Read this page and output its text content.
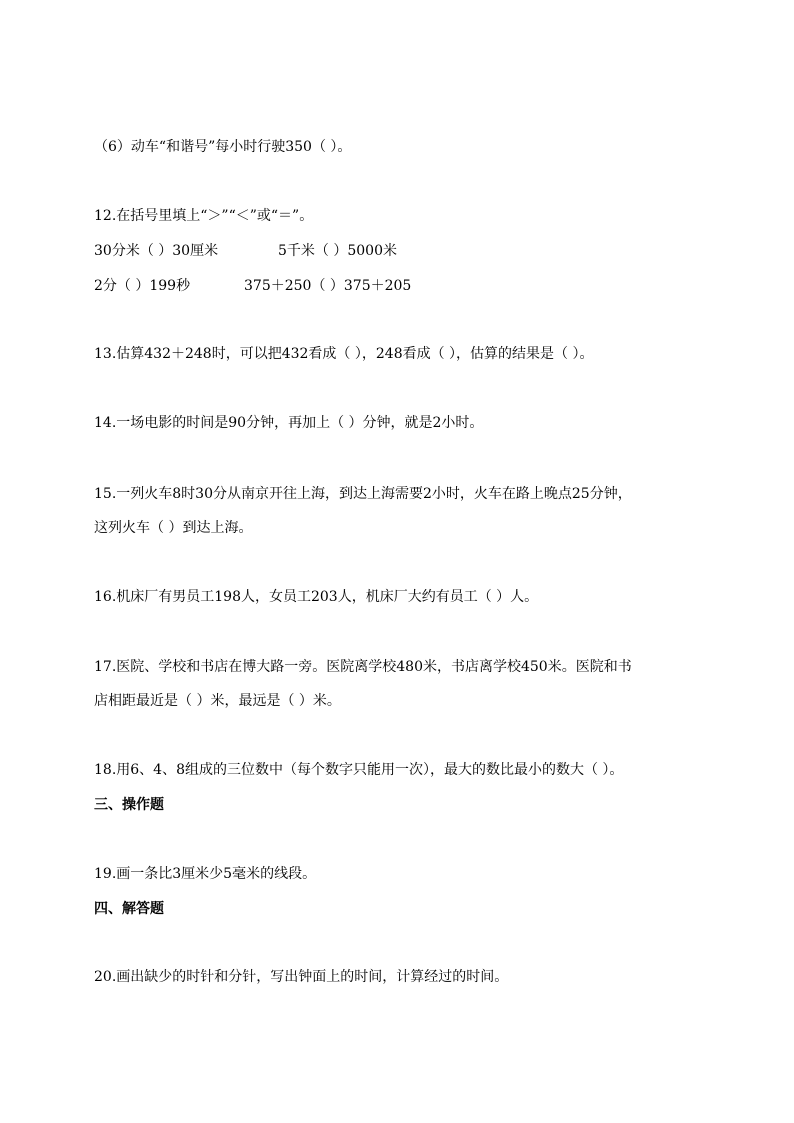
（6）动车“和谐号”每小时行驶350（ ）。
12.在括号里填上“＞”“＜”或“＝”。
30分米（ ）30厘米	5千米（ ）5000米
2分（ ）199秒	375＋250（ ）375＋205
13.估算432＋248时，可以把432看成（ ），248看成（ ），估算的结果是（ ）。
14.一场电影的时间是90分钟，再加上（ ）分钟，就是2小时。
15.一列火车8时30分从南京开往上海，到达上海需要2小时，火车在路上晚点25分钟，
这列火车（ ）到达上海。
16.机床厂有男员工198人，女员工203人，机床厂大约有员工（ ）人。
17.医院、学校和书店在博大路一旁。医院离学校480米，书店离学校450米。医院和书
店相距最近是（ ）米，最远是（ ）米。
18.用6、4、8组成的三位数中（每个数字只能用一次），最大的数比最小的数大（ ）。
三、操作题
19.画一条比3厘米少5毫米的线段。
四、解答题
20.画出缺少的时针和分针，写出钟面上的时间，计算经过的时间。
